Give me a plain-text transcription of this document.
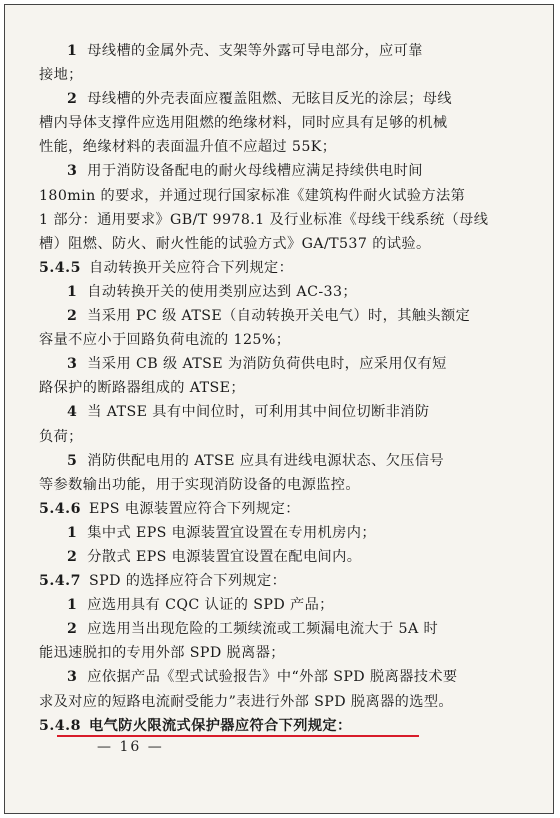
1 母线槽的金属外壳、支架等外露可导电部分，应可靠
接地；
2 母线槽的外壳表面应覆盖阻燃、无眩目反光的涂层；母线
槽内导体支撑件应选用阻燃的绝缘材料，同时应具有足够的机械
性能，绝缘材料的表面温升值不应超过 55K；
3 用于消防设备配电的耐火母线槽应满足持续供电时间
180min 的要求，并通过现行国家标准《建筑构件耐火试验方法第
1 部分：通用要求》GB/T 9978.1 及行业标准《母线干线系统（母线
槽）阻燃、防火、耐火性能的试验方式》GA/T537 的试验。
5.4.5 自动转换开关应符合下列规定：
1 自动转换开关的使用类别应达到 AC-33；
2 当采用 PC 级 ATSE（自动转换开关电气）时，其触头额定
容量不应小于回路负荷电流的 125%；
3 当采用 CB 级 ATSE 为消防负荷供电时，应采用仅有短
路保护的断路器组成的 ATSE；
4 当 ATSE 具有中间位时，可利用其中间位切断非消防
负荷；
5 消防供配电用的 ATSE 应具有进线电源状态、欠压信号
等参数输出功能，用于实现消防设备的电源监控。
5.4.6 EPS 电源装置应符合下列规定：
1 集中式 EPS 电源装置宜设置在专用机房内；
2 分散式 EPS 电源装置宜设置在配电间内。
5.4.7 SPD 的选择应符合下列规定：
1 应选用具有 CQC 认证的 SPD 产品；
2 应选用当出现危险的工频续流或工频漏电流大于 5A 时
能迅速脱扣的专用外部 SPD 脱离器；
3 应依据产品《型式试验报告》中“外部 SPD 脱离器技术要
求及对应的短路电流耐受能力”表进行外部 SPD 脱离器的选型。
5.4.8 电气防火限流式保护器应符合下列规定：
— 16 —
